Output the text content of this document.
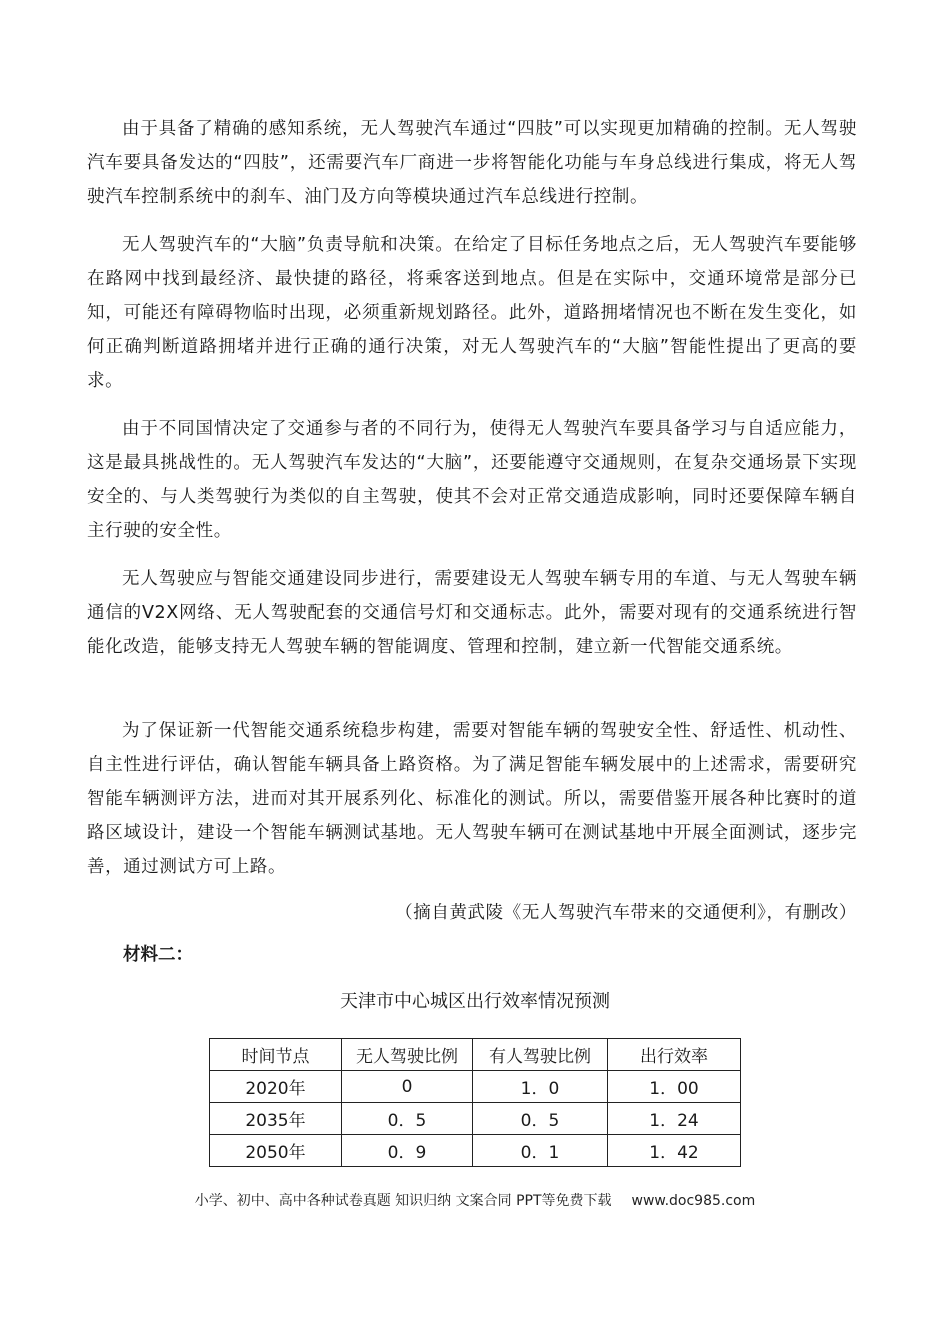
由于具备了精确的感知系统，无人驾驶汽车通过“四肢”可以实现更加精确的控制。无人驾驶汽车要具备发达的“四肢”，还需要汽车厂商进一步将智能化功能与车身总线进行集成，将无人驾驶汽车控制系统中的刹车、油门及方向等模块通过汽车总线进行控制。

无人驾驶汽车的“大脑”负责导航和决策。在给定了目标任务地点之后，无人驾驶汽车要能够在路网中找到最经济、最快捷的路径，将乘客送到地点。但是在实际中，交通环境常是部分已知，可能还有障碍物临时出现，必须重新规划路径。此外，道路拥堵情况也不断在发生变化，如何正确判断道路拥堵并进行正确的通行决策，对无人驾驶汽车的“大脑”智能性提出了更高的要求。

由于不同国情决定了交通参与者的不同行为，使得无人驾驶汽车要具备学习与自适应能力，这是最具挑战性的。无人驾驶汽车发达的“大脑”，还要能遵守交通规则，在复杂交通场景下实现安全的、与人类驾驶行为类似的自主驾驶，使其不会对正常交通造成影响，同时还要保障车辆自主行驶的安全性。

无人驾驶应与智能交通建设同步进行，需要建设无人驾驶车辆专用的车道、与无人驾驶车辆通信的V2X网络、无人驾驶配套的交通信号灯和交通标志。此外，需要对现有的交通系统进行智能化改造，能够支持无人驾驶车辆的智能调度、管理和控制，建立新一代智能交通系统。

为了保证新一代智能交通系统稳步构建，需要对智能车辆的驾驶安全性、舒适性、机动性、自主性进行评估，确认智能车辆具备上路资格。为了满足智能车辆发展中的上述需求，需要研究智能车辆测评方法，进而对其开展系列化、标准化的测试。所以，需要借鉴开展各种比赛时的道路区域设计，建设一个智能车辆测试基地。无人驾驶车辆可在测试基地中开展全面测试，逐步完善，通过测试方可上路。

（摘自黄武陵《无人驾驶汽车带来的交通便利》，有删改）

材料二：

天津市中心城区出行效率情况预测

时间节点	无人驾驶比例	有人驾驶比例	出行效率
2020年	0	1．0	1．00
2035年	0．5	0．5	1．24
2050年	0．9	0．1	1．42

小学、初中、高中各种试卷真题 知识归纳 文案合同 PPT等免费下载 www.doc985.com
